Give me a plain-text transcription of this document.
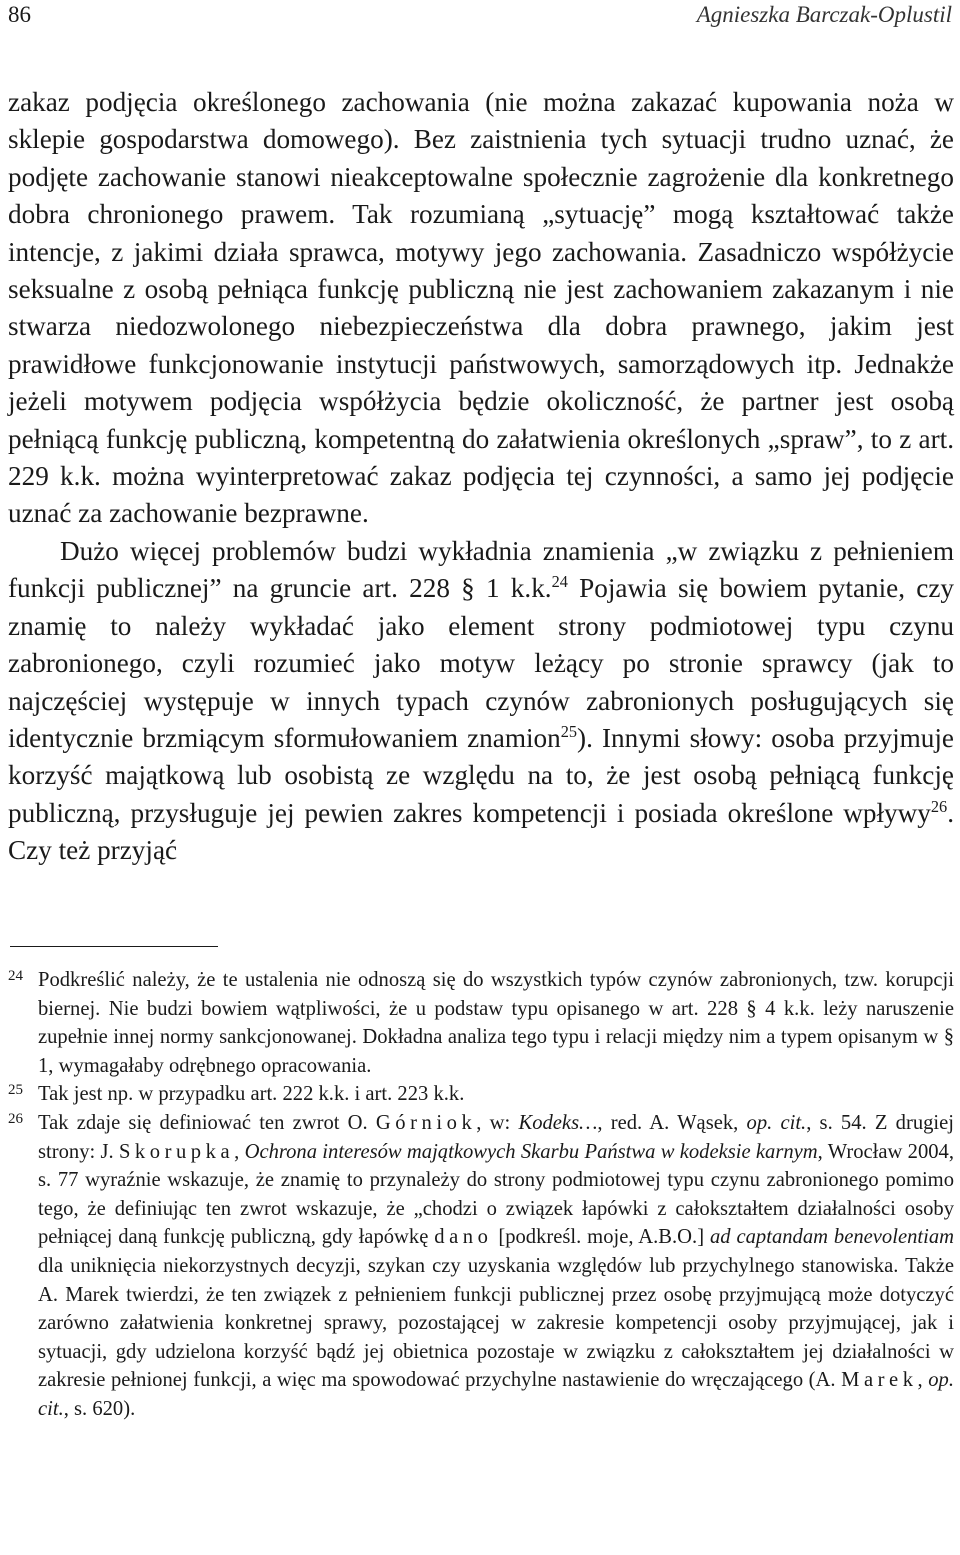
86	Agnieszka Barczak-Oplustil

zakaz podjęcia określonego zachowania (nie można zakazać kupowania noża w sklepie gospodarstwa domowego). Bez zaistnienia tych sytuacji trudno uznać, że podjęte zachowanie stanowi nieakceptowalne społecznie zagrożenie dla konkretnego dobra chronionego prawem. Tak rozumianą „sytuację” mogą kształtować także intencje, z jakimi działa sprawca, motywy jego zachowania. Zasadniczo współżycie seksualne z osobą pełniąca funkcję publiczną nie jest zachowaniem zakazanym i nie stwarza niedozwolonego niebezpieczeństwa dla dobra prawnego, jakim jest prawidłowe funkcjonowanie instytucji państwowych, samorządowych itp. Jednakże jeżeli motywem podjęcia współżycia będzie okoliczność, że partner jest osobą pełniącą funkcję publiczną, kompetentną do załatwienia określonych „spraw”, to z art. 229 k.k. można wyinterpretować zakaz podjęcia tej czynności, a samo jej podjęcie uznać za zachowanie bezprawne.

Dużo więcej problemów budzi wykładnia znamienia „w związku z pełnieniem funkcji publicznej” na gruncie art. 228 § 1 k.k.$^{24}$ Pojawia się bowiem pytanie, czy znamię to należy wykładać jako element strony podmiotowej typu czynu zabronionego, czyli rozumieć jako motyw leżący po stronie sprawcy (jak to najczęściej występuje w innych typach czynów zabronionych posługujących się identycznie brzmiącym sformułowaniem znamion$^{25}$). Innymi słowy: osoba przyjmuje korzyść majątkową lub osobistą ze względu na to, że jest osobą pełniącą funkcję publiczną, przysługuje jej pewien zakres kompetencji i posiada określone wpływy$^{26}$. Czy też przyjąć

24 Podkreślić należy, że te ustalenia nie odnoszą się do wszystkich typów czynów zabronionych, tzw. korupcji biernej. Nie budzi bowiem wątpliwości, że u podstaw typu opisanego w art. 228 § 4 k.k. leży naruszenie zupełnie innej normy sankcjonowanej. Dokładna analiza tego typu i relacji między nim a typem opisanym w § 1, wymagałaby odrębnego opracowania.
25 Tak jest np. w przypadku art. 222 k.k. i art. 223 k.k.
26 Tak zdaje się definiować ten zwrot O. Górniok, w: Kodeks…, red. A. Wąsek, op. cit., s. 54. Z drugiej strony: J. Skorupka, Ochrona interesów majątkowych Skarbu Państwa w kodeksie karnym, Wrocław 2004, s. 77 wyraźnie wskazuje, że znamię to przynależy do strony podmiotowej typu czynu zabronionego pomimo tego, że definiując ten zwrot wskazuje, że „chodzi o związek łapówki z całokształtem działalności osoby pełniącej daną funkcję publiczną, gdy łapówkę dano [podkreśl. moje, A.B.O.] ad captandam benevolentiam dla uniknięcia niekorzystnych decyzji, szykan czy uzyskania względów lub przychylnego stanowiska. Także A. Marek twierdzi, że ten związek z pełnieniem funkcji publicznej przez osobę przyjmującą może dotyczyć zarówno załatwienia konkretnej sprawy, pozostającej w zakresie kompetencji osoby przyjmującej, jak i sytuacji, gdy udzielona korzyść bądź jej obietnica pozostaje w związku z całokształtem jej działalności w zakresie pełnionej funkcji, a więc ma spowodować przychylne nastawienie do wręczającego (A. Marek, op. cit., s. 620).
